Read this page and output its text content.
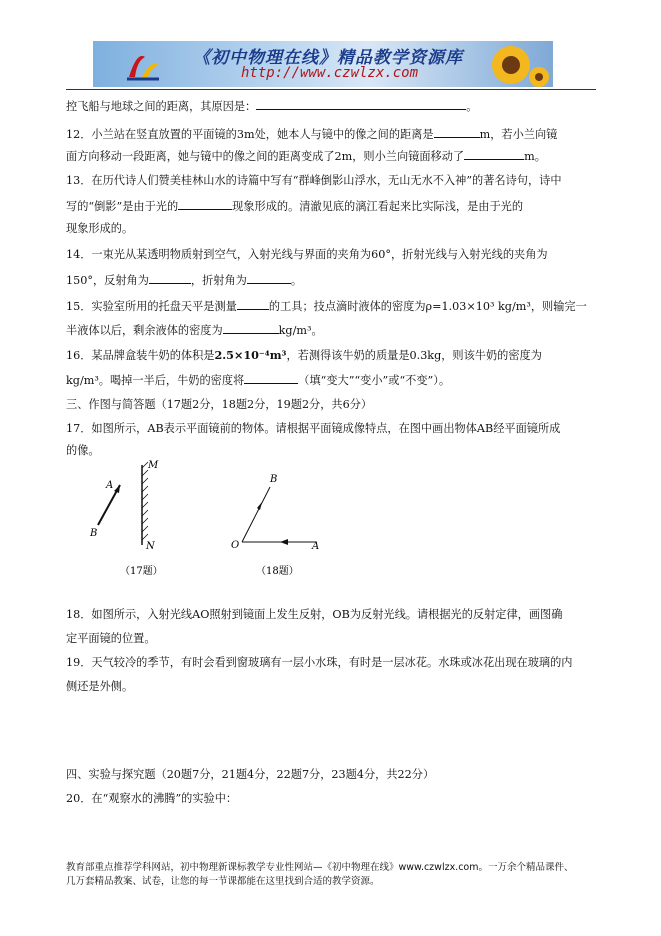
《初中物理在线》精品教学资源库
http://www.czwlzx.com
控飞船与地球之间的距离，其原因是：	。
12．小兰站在竖直放置的平面镜的3m处，她本人与镜中的像之间的距离是	m，若小兰向镜
面方向移动一段距离，她与镜中的像之间的距离变成了2m，则小兰向镜面移动了	m。
13．在历代诗人们赞美桂林山水的诗篇中写有“群峰倒影山浮水，无山无水不入神”的著名诗句，诗中
写的“倒影”是由于光的	现象形成的。清澈见底的漓江看起来比实际浅，是由于光的
现象形成的。
14．一束光从某透明物质射到空气，入射光线与界面的夹角为60°，折射光线与入射光线的夹角为
150°，反射角为	，折射角为	。
15．实验室所用的托盘天平是测量	的工具；技点滴时液体的密度为ρ=1.03×10³ kg/m³，则输完一
半液体以后，剩余液体的密度为	kg/m³。
16．某品牌盒装牛奶的体积是2.5×10⁻⁴m³，若测得该牛奶的质量是0.3kg，则该牛奶的密度为
kg/m³。喝掉一半后，牛奶的密度将	（填“变大”“变小”或“不变”）。
三、作图与简答题（17题2分，18题2分，19题2分，共6分）
17．如图所示，AB表示平面镜前的物体。请根据平面镜成像特点，在图中画出物体AB经平面镜所成
的像。
A
B
M
N
B
O	A
（17题）	（18题）
18．如图所示，入射光线AO照射到镜面上发生反射，OB为反射光线。请根据光的反射定律，画图确
定平面镜的位置。
19．天气较冷的季节，有时会看到窗玻璃有一层小水珠，有时是一层冰花。水珠或冰花出现在玻璃的内
侧还是外侧。
四、实验与探究题（20题7分，21题4分，22题7分，23题4分，共22分）
20．在“观察水的沸腾”的实验中：
教育部重点推荐学科网站，初中物理新课标教学专业性网站—《初中物理在线》www.czwlzx.com。一万余个精品课件、
几万套精品教案、试卷，让您的每一节课都能在这里找到合适的教学资源。
